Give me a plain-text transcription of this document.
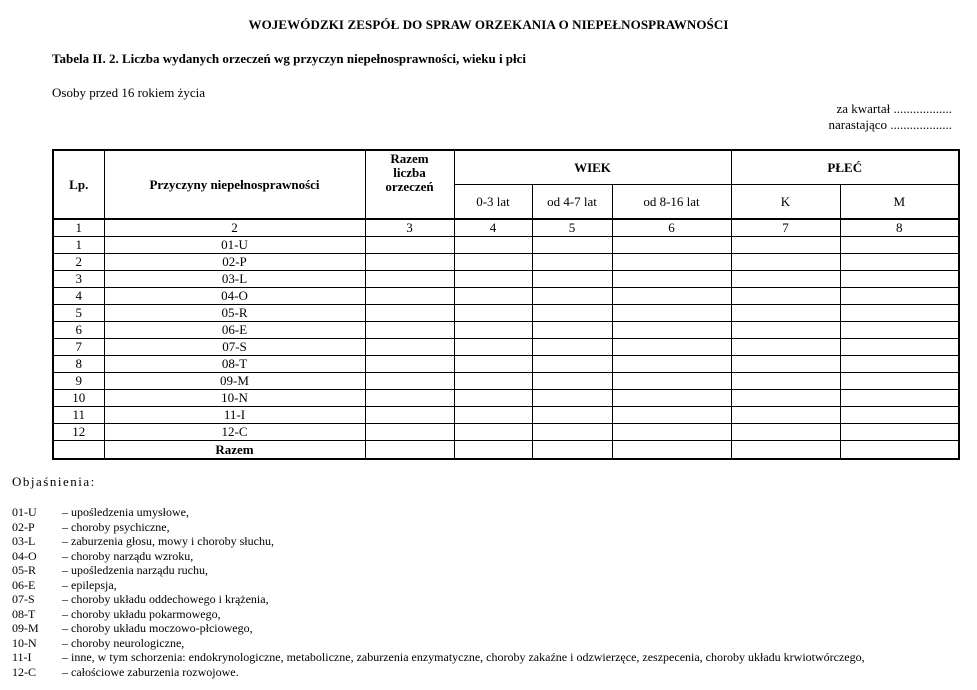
WOJEWÓDZKI ZESPÓŁ DO SPRAW ORZEKANIA O NIEPEŁNOSPRAWNOŚCI
Tabela II. 2. Liczba wydanych orzeczeń wg przyczyn niepełnosprawności, wieku i płci
Osoby przed 16 rokiem życia
za kwartał ..................
narastająco ...................
Lp.	Przyczyny niepełnosprawności	Razem
liczba
orzeczeń	WIEK			PŁEĆ	
			0-3 lat	od 4-7 lat	od 8-16 lat	K	M
1	2	3	4	5	6	7	8
1	01-U						
2	02-P						
3	03-L						
4	04-O						
5	05-R						
6	06-E						
7	07-S						
8	08-T						
9	09-M						
10	10-N						
11	11-I						
12	12-C						
	Razem						
Objaśnienia:
01-U	– upośledzenia umysłowe,
02-P	– choroby psychiczne,
03-L	– zaburzenia głosu, mowy i choroby słuchu,
04-O	– choroby narządu wzroku,
05-R	– upośledzenia narządu ruchu,
06-E	– epilepsja,
07-S	– choroby układu oddechowego i krążenia,
08-T	– choroby układu pokarmowego,
09-M	– choroby układu moczowo-płciowego,
10-N	– choroby neurologiczne,
11-I	– inne, w tym schorzenia: endokrynologiczne, metaboliczne, zaburzenia enzymatyczne, choroby zakaźne i odzwierzęce, zeszpecenia, choroby układu krwiotwórczego,
12-C	– całościowe zaburzenia rozwojowe.
